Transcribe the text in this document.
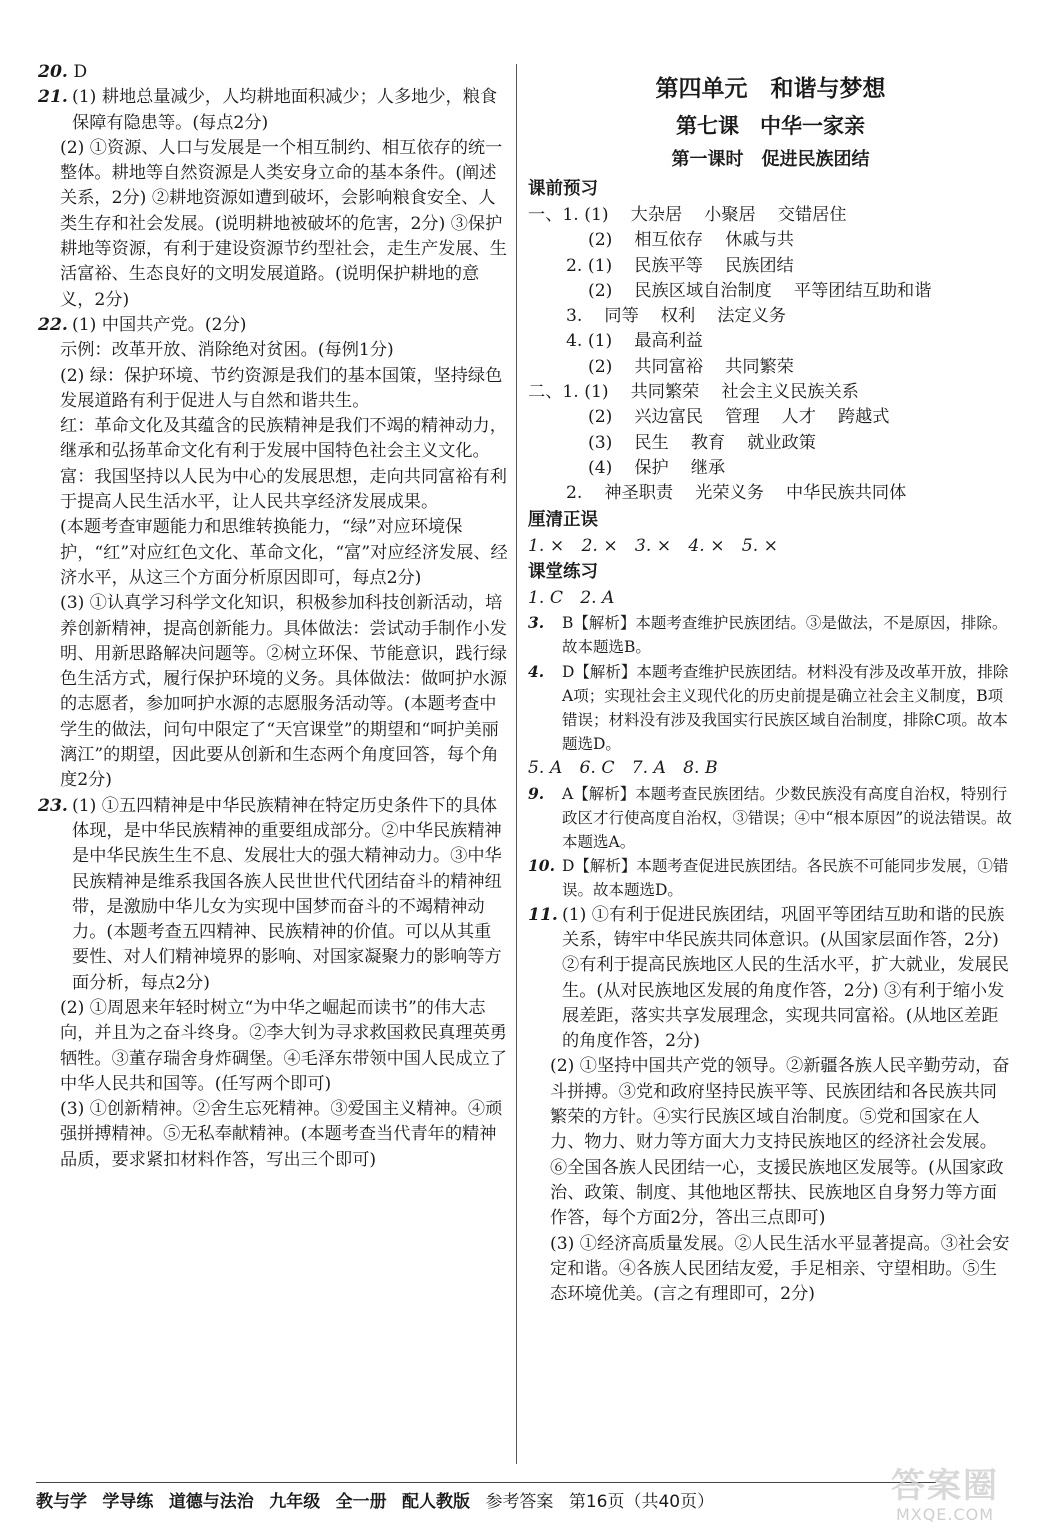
20. D

21. (1) 耕地总量减少，人均耕地面积减少；人多地少，粮食保障有隐患等。(每点2分)

(2) ①资源、人口与发展是一个相互制约、相互依存的统一整体。耕地等自然资源是人类安身立命的基本条件。(阐述关系，2分) ②耕地资源如遭到破坏，会影响粮食安全、人类生存和社会发展。(说明耕地被破坏的危害，2分) ③保护耕地等资源，有利于建设资源节约型社会，走生产发展、生活富裕、生态良好的文明发展道路。(说明保护耕地的意义，2分)

22. (1) 中国共产党。(2分)

示例：改革开放、消除绝对贫困。(每例1分)

(2) 绿：保护环境、节约资源是我们的基本国策，坚持绿色发展道路有利于促进人与自然和谐共生。

红：革命文化及其蕴含的民族精神是我们不竭的精神动力，继承和弘扬革命文化有利于发展中国特色社会主义文化。

富：我国坚持以人民为中心的发展思想，走向共同富裕有利于提高人民生活水平，让人民共享经济发展成果。

(本题考查审题能力和思维转换能力，“绿”对应环境保护，“红”对应红色文化、革命文化，“富”对应经济发展、经济水平，从这三个方面分析原因即可，每点2分)

(3) ①认真学习科学文化知识，积极参加科技创新活动，培养创新精神，提高创新能力。具体做法：尝试动手制作小发明、用新思路解决问题等。②树立环保、节能意识，践行绿色生活方式，履行保护环境的义务。具体做法：做呵护水源的志愿者，参加呵护水源的志愿服务活动等。(本题考查中学生的做法，问句中限定了“天宫课堂”的期望和“呵护美丽漓江”的期望，因此要从创新和生态两个角度回答，每个角度2分)

23. (1) ①五四精神是中华民族精神在特定历史条件下的具体体现，是中华民族精神的重要组成部分。②中华民族精神是中华民族生生不息、发展壮大的强大精神动力。③中华民族精神是维系我国各族人民世世代代团结奋斗的精神纽带，是激励中华儿女为实现中国梦而奋斗的不竭精神动力。(本题考查五四精神、民族精神的价值。可以从其重要性、对人们精神境界的影响、对国家凝聚力的影响等方面分析，每点2分)

(2) ①周恩来年轻时树立“为中华之崛起而读书”的伟大志向，并且为之奋斗终身。②李大钊为寻求救国救民真理英勇牺牲。③董存瑞舍身炸碉堡。④毛泽东带领中国人民成立了中华人民共和国等。(任写两个即可)

(3) ①创新精神。②舍生忘死精神。③爱国主义精神。④顽强拼搏精神。⑤无私奉献精神。(本题考查当代青年的精神品质，要求紧扣材料作答，写出三个即可)

第四单元　和谐与梦想
第七课　中华一家亲
第一课时　促进民族团结
课前预习
一、1. (1) 大杂居 小聚居 交错居住
(2) 相互依存 休戚与共
2. (1) 民族平等 民族团结
(2) 民族区域自治制度 平等团结互助和谐
3. 同等 权利 法定义务
4. (1) 最高利益
(2) 共同富裕 共同繁荣
二、1. (1) 共同繁荣 社会主义民族关系
(2) 兴边富民 管理 人才 跨越式
(3) 民生 教育 就业政策
(4) 保护 继承
2. 神圣职责 光荣义务 中华民族共同体
厘清正误
1. ×　2. ×　3. ×　4. ×　5. ×
课堂练习
1. C　2. A

3. B【解析】本题考查维护民族团结。③是做法，不是原因，排除。故本题选B。

4. D【解析】本题考查维护民族团结。材料没有涉及改革开放，排除A项；实现社会主义现代化的历史前提是确立社会主义制度，B项错误；材料没有涉及我国实行民族区域自治制度，排除C项。故本题选D。

5. A　6. C　7. A　8. B

9. A【解析】本题考查民族团结。少数民族没有高度自治权，特别行政区才行使高度自治权，③错误；④中“根本原因”的说法错误。故本题选A。

10. D【解析】本题考查促进民族团结。各民族不可能同步发展，①错误。故本题选D。

11. (1) ①有利于促进民族团结，巩固平等团结互助和谐的民族关系，铸牢中华民族共同体意识。(从国家层面作答，2分) ②有利于提高民族地区人民的生活水平，扩大就业，发展民生。(从对民族地区发展的角度作答，2分) ③有利于缩小发展差距，落实共享发展理念，实现共同富裕。(从地区差距的角度作答，2分)

(2) ①坚持中国共产党的领导。②新疆各族人民辛勤劳动，奋斗拼搏。③党和政府坚持民族平等、民族团结和各民族共同繁荣的方针。④实行民族区域自治制度。⑤党和国家在人力、物力、财力等方面大力支持民族地区的经济社会发展。⑥全国各族人民团结一心，支援民族地区发展等。(从国家政治、政策、制度、其他地区帮扶、民族地区自身努力等方面作答，每个方面2分，答出三点即可)

(3) ①经济高质量发展。②人民生活水平显著提高。③社会安定和谐。④各族人民团结友爱，手足相亲、守望相助。⑤生态环境优美。(言之有理即可，2分)

教与学 学导练 道德与法治 九年级 全一册 配人教版 参考答案 第16页（共40页）	答案圈
MXQE.COM
